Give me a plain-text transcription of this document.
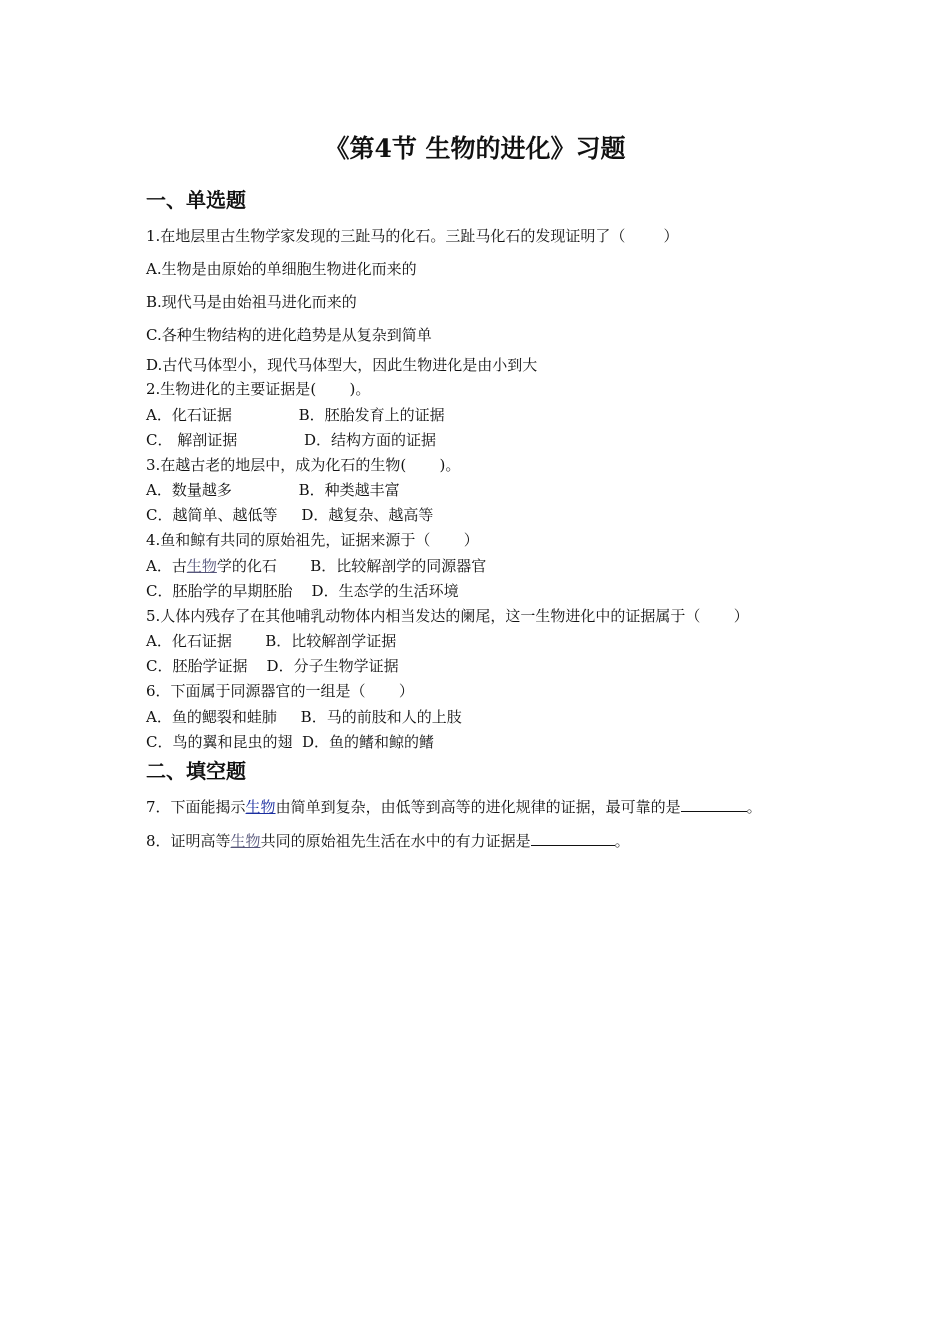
《第4节 生物的进化》习题
一、单选题
1.在地层里古生物学家发现的三趾马的化石。三趾马化石的发现证明了（        ）
A.生物是由原始的单细胞生物进化而来的
B.现代马是由始祖马进化而来的
C.各种生物结构的进化趋势是从复杂到简单
D.古代马体型小，现代马体型大，因此生物进化是由小到大
2.生物进化的主要证据是(       )。
A．化石证据              B．胚胎发育上的证据
C． 解剖证据              D．结构方面的证据
3.在越古老的地层中，成为化石的生物(       )。
A．数量越多              B．种类越丰富
C．越简单、越低等     D．越复杂、越高等
4.鱼和鲸有共同的原始祖先，证据来源于（       ）
A．古生物学的化石       B．比较解剖学的同源器官
C．胚胎学的早期胚胎    D．生态学的生活环境
5.人体内残存了在其他哺乳动物体内相当发达的阑尾，这一生物进化中的证据属于（       ）
A．化石证据       B．比较解剖学证据
C．胚胎学证据    D．分子生物学证据
6．下面属于同源器官的一组是（       ）
A．鱼的鳃裂和蛙肺     B．马的前肢和人的上肢
C．鸟的翼和昆虫的翅  D．鱼的鳍和鲸的鳍
二、填空题
7．下面能揭示生物由简单到复杂，由低等到高等的进化规律的证据，最可靠的是	。
8．证明高等生物共同的原始祖先生活在水中的有力证据是	。
